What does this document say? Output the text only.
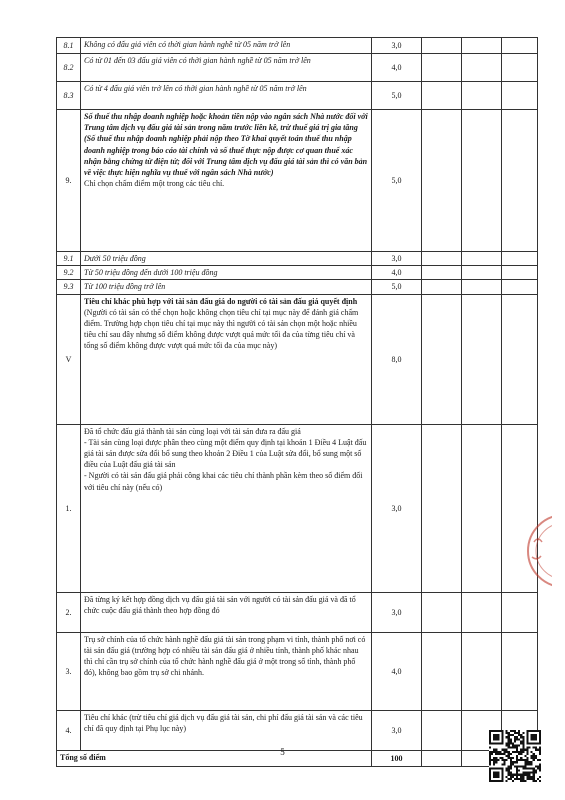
8.1	Không có đấu giá viên có thời gian hành nghề từ 05 năm trở lên	3,0			
8.2	Có từ 01 đến 03 đấu giá viên có thời gian hành nghề từ 05 năm trở lên	4,0			
8.3	Có từ 4 đấu giá viên trở lên có thời gian hành nghề từ 05 năm trở lên	5,0			
9.	Số thuế thu nhập doanh nghiệp hoặc khoản tiền nộp vào ngân sách Nhà nước đối với Trung tâm dịch vụ đấu giá tài sản trong năm trước liền kề, trừ thuế giá trị gia tăng (Số thuế thu nhập doanh nghiệp phải nộp theo Tờ khai quyết toán thuế thu nhập doanh nghiệp trong báo cáo tài chính và số thuế thực nộp được cơ quan thuế xác nhận bằng chứng từ điện tử; đối với Trung tâm dịch vụ đấu giá tài sản thì có văn bản về việc thực hiện nghĩa vụ thuế với ngân sách Nhà nước)
Chỉ chọn chấm điểm một trong các tiêu chí.	5,0			
9.1	Dưới 50 triệu đồng	3,0			
9.2	Từ 50 triệu đồng đến dưới 100 triệu đồng	4,0			
9.3	Từ 100 triệu đồng trở lên	5,0			
V	Tiêu chí khác phù hợp với tài sản đấu giá do người có tài sản đấu giá quyết định (Người có tài sản có thể chọn hoặc không chọn tiêu chí tại mục này để đánh giá chấm điểm. Trường hợp chọn tiêu chí tại mục này thì người có tài sản chọn một hoặc nhiều tiêu chí sau đây nhưng số điểm không được vượt quá mức tối đa của từng tiêu chí và tổng số điểm không được vượt quá mức tối đa của mục này)	8,0			
1.	Đã tổ chức đấu giá thành tài sản cùng loại với tài sản đưa ra đấu giá
- Tài sản cùng loại được phân theo cùng một điểm quy định tại khoản 1 Điều 4 Luật đấu giá tài sản được sửa đổi bổ sung theo khoản 2 Điều 1 của Luật sửa đổi, bổ sung một số điều của Luật đấu giá tài sản
- Người có tài sản đấu giá phải công khai các tiêu chí thành phần kèm theo số điểm đối với tiêu chí này (nếu có)	3,0			
2.	Đã từng ký kết hợp đồng dịch vụ đấu giá tài sản với người có tài sản đấu giá và đã tổ chức cuộc đấu giá thành theo hợp đồng đó	3,0			
3.	Trụ sở chính của tổ chức hành nghề đấu giá tài sản trong phạm vi tỉnh, thành phố nơi có tài sản đấu giá (trường hợp có nhiều tài sản đấu giá ở nhiều tỉnh, thành phố khác nhau thì chỉ cần trụ sở chính của tổ chức hành nghề đấu giá ở một trong số tỉnh, thành phố đó), không bao gồm trụ sở chi nhánh.	4,0			
4.	Tiêu chí khác (trừ tiêu chí giá dịch vụ đấu giá tài sản, chi phí đấu giá tài sản và các tiêu chí đã quy định tại Phụ lục này)	3,0			
Tổng số điểm		100			
5
